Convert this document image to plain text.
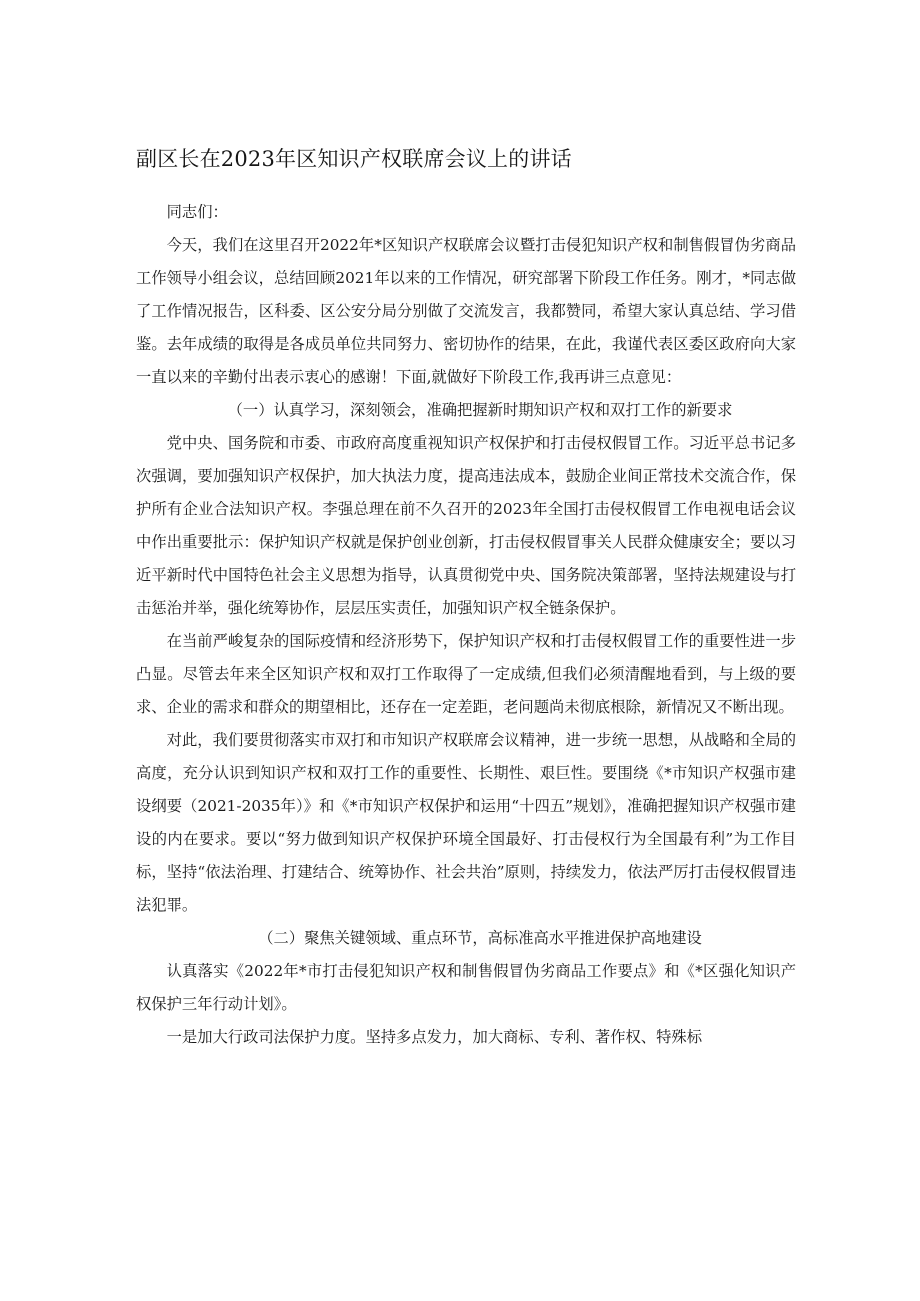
副区长在2023年区知识产权联席会议上的讲话

同志们：

今天，我们在这里召开2022年*区知识产权联席会议暨打击侵犯知识产权和制售假冒伪劣商品工作领导小组会议，总结回顾2021年以来的工作情况，研究部署下阶段工作任务。刚才，*同志做了工作情况报告，区科委、区公安分局分别做了交流发言，我都赞同，希望大家认真总结、学习借鉴。去年成绩的取得是各成员单位共同努力、密切协作的结果，在此，我谨代表区委区政府向大家一直以来的辛勤付出表示衷心的感谢！下面,就做好下阶段工作,我再讲三点意见：

（一）认真学习，深刻领会，准确把握新时期知识产权和双打工作的新要求

党中央、国务院和市委、市政府高度重视知识产权保护和打击侵权假冒工作。习近平总书记多次强调，要加强知识产权保护，加大执法力度，提高违法成本，鼓励企业间正常技术交流合作，保护所有企业合法知识产权。李强总理在前不久召开的2023年全国打击侵权假冒工作电视电话会议中作出重要批示：保护知识产权就是保护创业创新，打击侵权假冒事关人民群众健康安全；要以习近平新时代中国特色社会主义思想为指导，认真贯彻党中央、国务院决策部署，坚持法规建设与打击惩治并举，强化统筹协作，层层压实责任，加强知识产权全链条保护。

在当前严峻复杂的国际疫情和经济形势下，保护知识产权和打击侵权假冒工作的重要性进一步凸显。尽管去年来全区知识产权和双打工作取得了一定成绩,但我们必须清醒地看到，与上级的要求、企业的需求和群众的期望相比，还存在一定差距，老问题尚未彻底根除，新情况又不断出现。

对此，我们要贯彻落实市双打和市知识产权联席会议精神，进一步统一思想，从战略和全局的高度，充分认识到知识产权和双打工作的重要性、长期性、艰巨性。要围绕《*市知识产权强市建设纲要（2021-2035年）》和《*市知识产权保护和运用“十四五”规划》，准确把握知识产权强市建设的内在要求。要以“努力做到知识产权保护环境全国最好、打击侵权行为全国最有利”为工作目标，坚持“依法治理、打建结合、统筹协作、社会共治”原则，持续发力，依法严厉打击侵权假冒违法犯罪。

（二）聚焦关键领域、重点环节，高标准高水平推进保护高地建设

认真落实《2022年*市打击侵犯知识产权和制售假冒伪劣商品工作要点》和《*区强化知识产权保护三年行动计划》。

一是加大行政司法保护力度。坚持多点发力，加大商标、专利、著作权、特殊标
